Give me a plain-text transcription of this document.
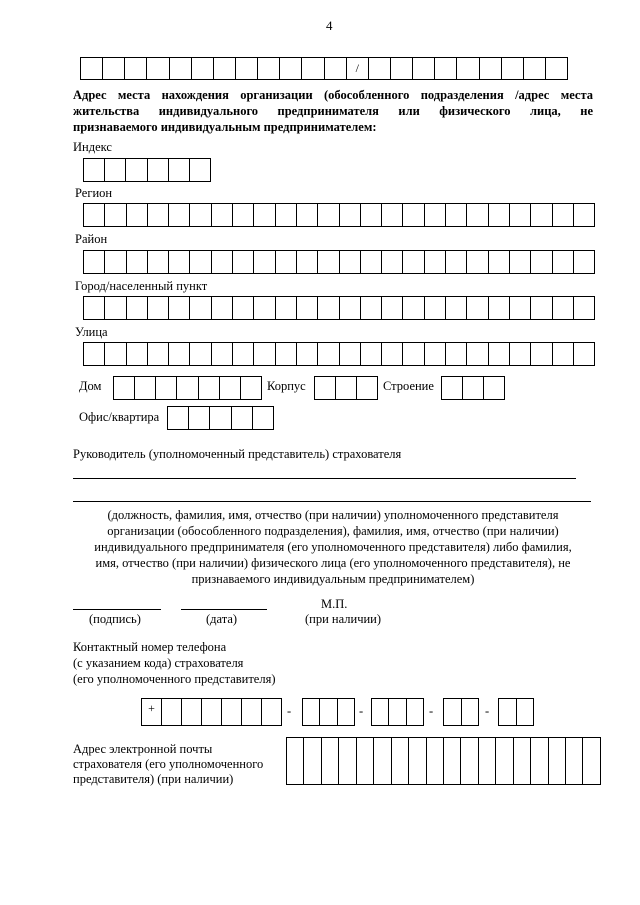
4
/
Адрес места нахождения организации (обособленного подразделения /адрес места
жительства индивидуального предпринимателя или физического лица, не
признаваемого индивидуальным предпринимателем:
Индекс
Регион
Район
Город/населенный пункт
Улица
Дом	Корпус	Строение
Офис/квартира
Руководитель (уполномоченный представитель) страхователя
(должность, фамилия, имя, отчество (при наличии) уполномоченного представителя
организации (обособленного подразделения), фамилия, имя, отчество (при наличии)
индивидуального предпринимателя (его уполномоченного представителя) либо фамилия,
имя, отчество (при наличии) физического лица (его уполномоченного представителя), не
признаваемого индивидуальным предпринимателем)
(подпись)	(дата)
М.П.
(при наличии)
Контактный номер телефона
(с указанием кода) страхователя
(его уполномоченного представителя)
+	-	-	-	-
Адрес электронной почты
страхователя (его уполномоченного
представителя) (при наличии)
